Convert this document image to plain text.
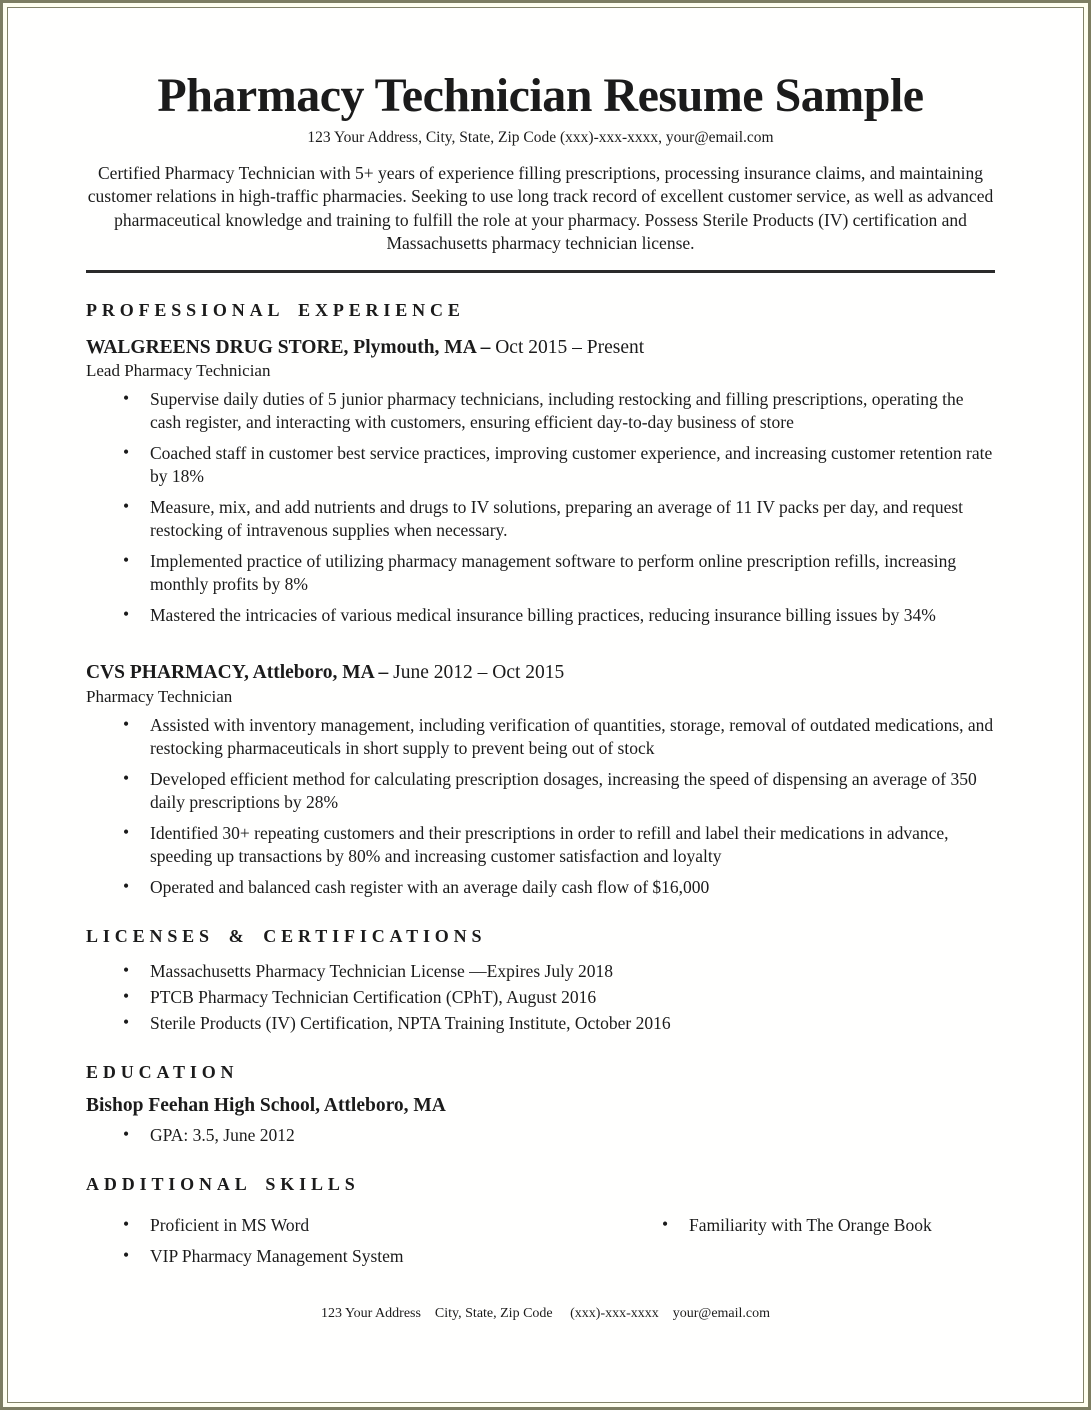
Pharmacy Technician Resume Sample

123 Your Address, City, State, Zip Code (xxx)-xxx-xxxx, your@email.com

Certified Pharmacy Technician with 5+ years of experience filling prescriptions, processing insurance claims, and maintaining customer relations in high-traffic pharmacies. Seeking to use long track record of excellent customer service, as well as advanced pharmaceutical knowledge and training to fulfill the role at your pharmacy. Possess Sterile Products (IV) certification and Massachusetts pharmacy technician license.

PROFESSIONAL EXPERIENCE

WALGREENS DRUG STORE, Plymouth, MA – Oct 2015 – Present

Lead Pharmacy Technician

• Supervise daily duties of 5 junior pharmacy technicians, including restocking and filling prescriptions, operating the cash register, and interacting with customers, ensuring efficient day-to-day business of store
• Coached staff in customer best service practices, improving customer experience, and increasing customer retention rate by 18%
• Measure, mix, and add nutrients and drugs to IV solutions, preparing an average of 11 IV packs per day, and request restocking of intravenous supplies when necessary.
• Implemented practice of utilizing pharmacy management software to perform online prescription refills, increasing monthly profits by 8%
• Mastered the intricacies of various medical insurance billing practices, reducing insurance billing issues by 34%

CVS PHARMACY, Attleboro, MA – June 2012 – Oct 2015

Pharmacy Technician

• Assisted with inventory management, including verification of quantities, storage, removal of outdated medications, and restocking pharmaceuticals in short supply to prevent being out of stock
• Developed efficient method for calculating prescription dosages, increasing the speed of dispensing an average of 350 daily prescriptions by 28%
• Identified 30+ repeating customers and their prescriptions in order to refill and label their medications in advance, speeding up transactions by 80% and increasing customer satisfaction and loyalty
• Operated and balanced cash register with an average daily cash flow of $16,000
LICENSES & CERTIFICATIONS
• Massachusetts Pharmacy Technician License —Expires July 2018
• PTCB Pharmacy Technician Certification (CPhT), August 2016
• Sterile Products (IV) Certification, NPTA Training Institute, October 2016
EDUCATION

Bishop Feehan High School, Attleboro, MA

• GPA: 3.5, June 2012
ADDITIONAL SKILLS
• Proficient in MS Word
• VIP Pharmacy Management System
• Familiarity with The Orange Book

123 Your Address    City, State, Zip Code     (xxx)-xxx-xxxx    your@email.com
